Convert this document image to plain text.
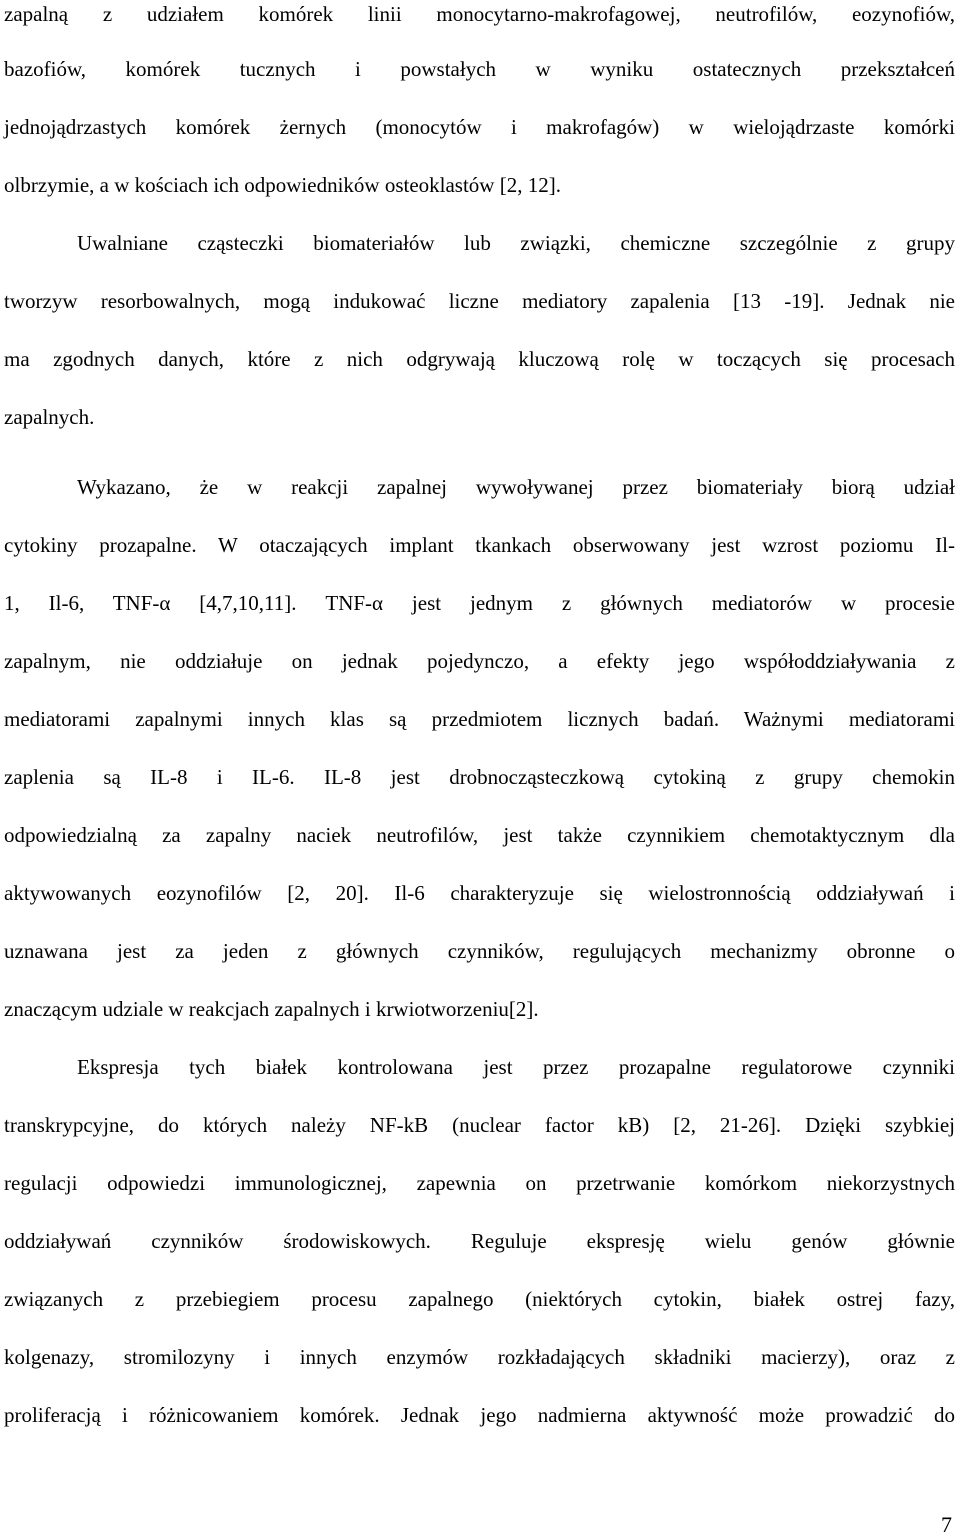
zapalną z udziałem komórek linii monocytarno-makrofagowej, neutrofilów, eozynofiów,
bazofiów, komórek tucznych i powstałych w wyniku ostatecznych przekształceń
jednojądrzastych komórek żernych (monocytów i makrofagów) w wielojądrzaste komórki
olbrzymie, a w kościach ich odpowiedników osteoklastów [2, 12].
Uwalniane cząsteczki biomateriałów lub związki, chemiczne szczególnie z grupy
tworzyw resorbowalnych, mogą indukować liczne mediatory zapalenia [13 -19]. Jednak nie
ma zgodnych danych, które z nich odgrywają kluczową rolę w toczących się procesach
zapalnych.
Wykazano, że w reakcji zapalnej wywoływanej przez biomateriały biorą udział
cytokiny prozapalne. W otaczających implant tkankach obserwowany jest wzrost poziomu Il-
1, Il-6, TNF-α [4,7,10,11]. TNF-α jest jednym z głównych mediatorów w procesie
zapalnym, nie oddziałuje on jednak pojedynczo, a efekty jego współoddziaływania z
mediatorami zapalnymi innych klas są przedmiotem licznych badań. Ważnymi mediatorami
zaplenia są IL-8 i IL-6. IL-8 jest drobnocząsteczkową cytokiną z grupy chemokin
odpowiedzialną za zapalny naciek neutrofilów, jest także czynnikiem chemotaktycznym dla
aktywowanych eozynofilów [2, 20]. Il-6 charakteryzuje się wielostronnością oddziaływań i
uznawana jest za jeden z głównych czynników, regulujących mechanizmy obronne o
znaczącym udziale w reakcjach zapalnych i krwiotworzeniu[2].
Ekspresja tych białek kontrolowana jest przez prozapalne regulatorowe czynniki
transkrypcyjne, do których należy NF-kB (nuclear factor kB) [2, 21-26]. Dzięki szybkiej
regulacji odpowiedzi immunologicznej, zapewnia on przetrwanie komórkom niekorzystnych
oddziaływań czynników środowiskowych. Reguluje ekspresję wielu genów głównie
związanych z przebiegiem procesu zapalnego (niektórych cytokin, białek ostrej fazy,
kolgenazy, stromilozyny i innych enzymów rozkładających składniki macierzy), oraz z
proliferacją i różnicowaniem komórek. Jednak jego nadmierna aktywność może prowadzić do
7
